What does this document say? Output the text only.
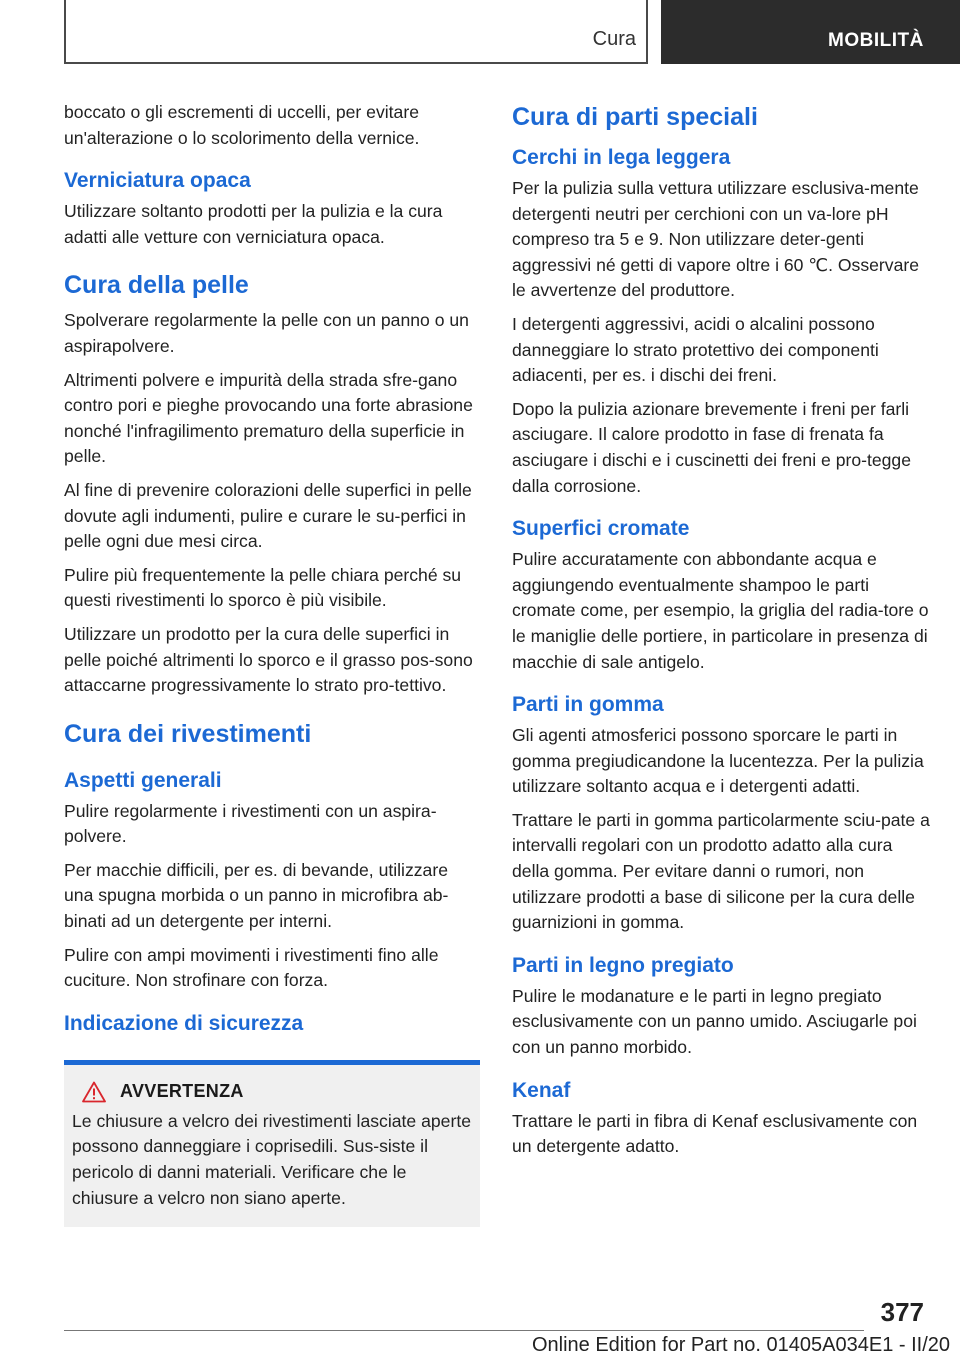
Cura	MOBILITÀ

boccato o gli escrementi di uccelli, per evitare un'alterazione o lo scolorimento della vernice.

Verniciatura opaca

Utilizzare soltanto prodotti per la pulizia e la cura adatti alle vetture con verniciatura opaca.

Cura della pelle

Spolverare regolarmente la pelle con un panno o un aspirapolvere.

Altrimenti polvere e impurità della strada sfre-gano contro pori e pieghe provocando una forte abrasione nonché l'infragilimento prematuro della superficie in pelle.

Al fine di prevenire colorazioni delle superfici in pelle dovute agli indumenti, pulire e curare le su-perfici in pelle ogni due mesi circa.

Pulire più frequentemente la pelle chiara perché su questi rivestimenti lo sporco è più visibile.

Utilizzare un prodotto per la cura delle superfici in pelle poiché altrimenti lo sporco e il grasso pos-sono attaccarne progressivamente lo strato pro-tettivo.

Cura dei rivestimenti
Aspetti generali

Pulire regolarmente i rivestimenti con un aspira-polvere.

Per macchie difficili, per es. di bevande, utilizzare una spugna morbida o un panno in microfibra ab-binati ad un detergente per interni.

Pulire con ampi movimenti i rivestimenti fino alle cuciture. Non strofinare con forza.

Indicazione di sicurezza
AVVERTENZA

Le chiusure a velcro dei rivestimenti lasciate aperte possono danneggiare i coprisedili. Sus-siste il pericolo di danni materiali. Verificare che le chiusure a velcro non siano aperte.

Cura di parti speciali
Cerchi in lega leggera

Per la pulizia sulla vettura utilizzare esclusiva-mente detergenti neutri per cerchioni con un va-lore pH compreso tra 5 e 9. Non utilizzare deter-genti aggressivi né getti di vapore oltre i 60 ℃. Osservare le avvertenze del produttore.

I detergenti aggressivi, acidi o alcalini possono danneggiare lo strato protettivo dei componenti adiacenti, per es. i dischi dei freni.

Dopo la pulizia azionare brevemente i freni per farli asciugare. Il calore prodotto in fase di frenata fa asciugare i dischi e i cuscinetti dei freni e pro-tegge dalla corrosione.

Superfici cromate

Pulire accuratamente con abbondante acqua e aggiungendo eventualmente shampoo le parti cromate come, per esempio, la griglia del radia-tore o le maniglie delle portiere, in particolare in presenza di macchie di sale antigelo.

Parti in gomma

Gli agenti atmosferici possono sporcare le parti in gomma pregiudicandone la lucentezza. Per la pulizia utilizzare soltanto acqua e i detergenti adatti.

Trattare le parti in gomma particolarmente sciu-pate a intervalli regolari con un prodotto adatto alla cura della gomma. Per evitare danni o rumori, non utilizzare prodotti a base di silicone per la cura delle guarnizioni in gomma.

Parti in legno pregiato

Pulire le modanature e le parti in legno pregiato esclusivamente con un panno umido. Asciugarle poi con un panno morbido.

Kenaf

Trattare le parti in fibra di Kenaf esclusivamente con un detergente adatto.

377
Online Edition for Part no. 01405A034E1 - II/20
